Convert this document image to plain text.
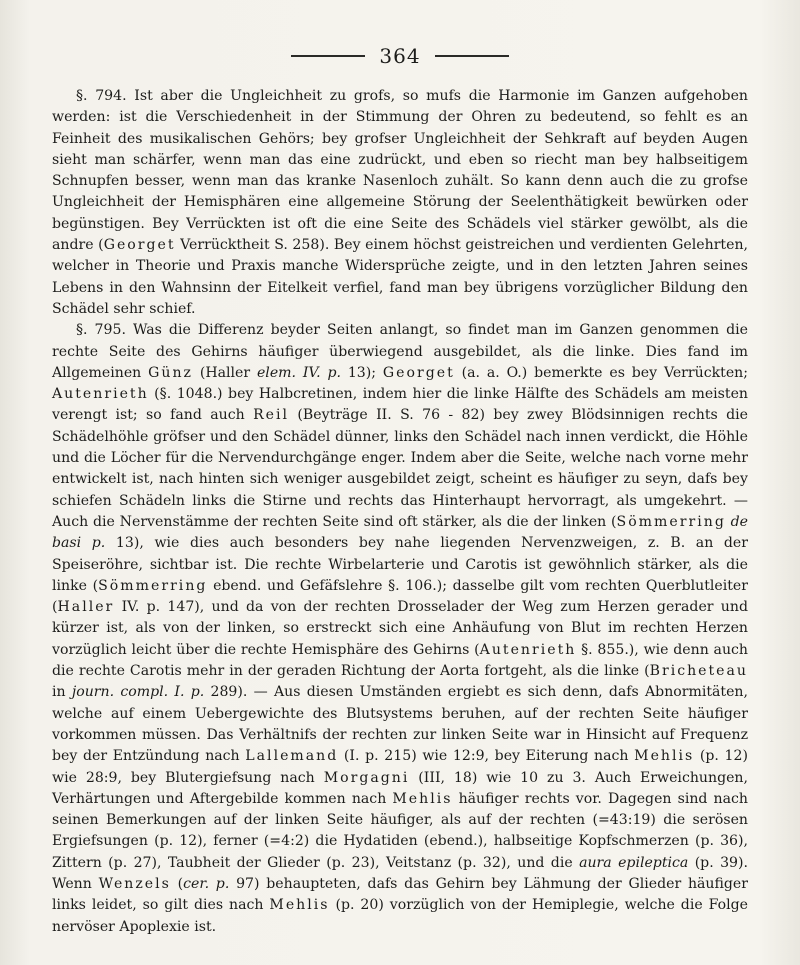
364

§. 794. Ist aber die Ungleichheit zu grofs, so mufs die Harmonie im Ganzen aufgehoben werden: ist die Verschiedenheit in der Stimmung der Ohren zu bedeutend, so fehlt es an Feinheit des musikalischen Gehörs; bey grofser Ungleichheit der Sehkraft auf beyden Augen sieht man schärfer, wenn man das eine zudrückt, und eben so riecht man bey halbseitigem Schnupfen besser, wenn man das kranke Nasenloch zuhält. So kann denn auch die zu grofse Ungleichheit der Hemisphären eine allgemeine Störung der Seelenthätigkeit bewürken oder begünstigen. Bey Verrückten ist oft die eine Seite des Schädels viel stärker gewölbt, als die andre (Georget Verrücktheit S. 258). Bey einem höchst geistreichen und verdienten Gelehrten, welcher in Theorie und Praxis manche Widersprüche zeigte, und in den letzten Jahren seines Lebens in den Wahnsinn der Eitelkeit verfiel, fand man bey übrigens vorzüglicher Bildung den Schädel sehr schief.

§. 795. Was die Differenz beyder Seiten anlangt, so findet man im Ganzen genommen die rechte Seite des Gehirns häufiger überwiegend ausgebildet, als die linke. Dies fand im Allgemeinen Günz (Haller elem. IV. p. 13); Georget (a. a. O.) bemerkte es bey Verrückten; Autenrieth (§. 1048.) bey Halbcretinen, indem hier die linke Hälfte des Schädels am meisten verengt ist; so fand auch Reil (Beyträge II. S. 76 - 82) bey zwey Blödsinnigen rechts die Schädelhöhle gröfser und den Schädel dünner, links den Schädel nach innen verdickt, die Höhle und die Löcher für die Nervendurchgänge enger. Indem aber die Seite, welche nach vorne mehr entwickelt ist, nach hinten sich weniger ausgebildet zeigt, scheint es häufiger zu seyn, dafs bey schiefen Schädeln links die Stirne und rechts das Hinterhaupt hervorragt, als umgekehrt. — Auch die Nervenstämme der rechten Seite sind oft stärker, als die der linken (Sömmerring de basi p. 13), wie dies auch besonders bey nahe liegenden Nervenzweigen, z. B. an der Speiseröhre, sichtbar ist. Die rechte Wirbelarterie und Carotis ist gewöhnlich stärker, als die linke (Sömmerring ebend. und Gefäfslehre §. 106.); dasselbe gilt vom rechten Querblutleiter (Haller IV. p. 147), und da von der rechten Drosselader der Weg zum Herzen gerader und kürzer ist, als von der linken, so erstreckt sich eine Anhäufung von Blut im rechten Herzen vorzüglich leicht über die rechte Hemisphäre des Gehirns (Autenrieth §. 855.), wie denn auch die rechte Carotis mehr in der geraden Richtung der Aorta fortgeht, als die linke (Bricheteau in journ. compl. I. p. 289). — Aus diesen Umständen ergiebt es sich denn, dafs Abnormitäten, welche auf einem Uebergewichte des Blutsystems beruhen, auf der rechten Seite häufiger vorkommen müssen. Das Verhältnifs der rechten zur linken Seite war in Hinsicht auf Frequenz bey der Entzündung nach Lallemand (I. p. 215) wie 12:9, bey Eiterung nach Mehlis (p. 12) wie 28:9, bey Blutergiefsung nach Morgagni (III, 18) wie 10 zu 3. Auch Erweichungen, Verhärtungen und Aftergebilde kommen nach Mehlis häufiger rechts vor. Dagegen sind nach seinen Bemerkungen auf der linken Seite häufiger, als auf der rechten (=43:19) die serösen Ergiefsungen (p. 12), ferner (=4:2) die Hydatiden (ebend.), halbseitige Kopfschmerzen (p. 36), Zittern (p. 27), Taubheit der Glieder (p. 23), Veitstanz (p. 32), und die aura epileptica (p. 39). Wenn Wenzels (cer. p. 97) behaupteten, dafs das Gehirn bey Lähmung der Glieder häufiger links leidet, so gilt dies nach Mehlis (p. 20) vorzüglich von der Hemiplegie, welche die Folge nervöser Apoplexie ist.
